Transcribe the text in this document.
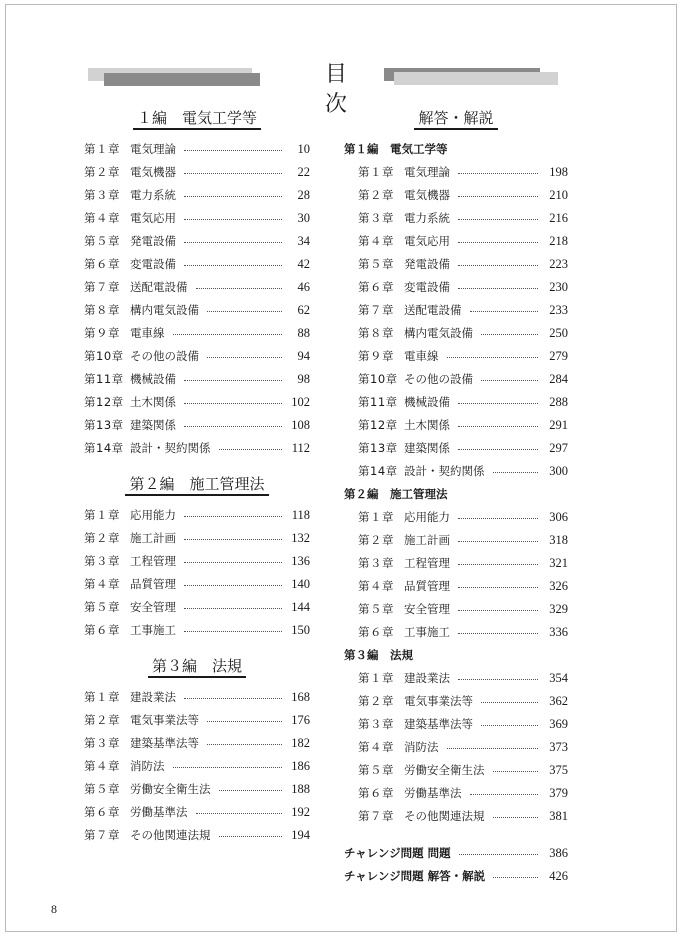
目 次
１編　電気工学等
第１章 電気理論	10
第２章 電気機器	22
第３章 電力系統	28
第４章 電気応用	30
第５章 発電設備	34
第６章 変電設備	42
第７章 送配電設備	46
第８章 構内電気設備	62
第９章 電車線	88
第10章 その他の設備	94
第11章 機械設備	98
第12章 土木関係	102
第13章 建築関係	108
第14章 設計・契約関係	112
第２編　施工管理法
第１章 応用能力	118
第２章 施工計画	132
第３章 工程管理	136
第４章 品質管理	140
第５章 安全管理	144
第６章 工事施工	150
第３編　法規
第１章 建設業法	168
第２章 電気事業法等	176
第３章 建築基準法等	182
第４章 消防法	186
第５章 労働安全衛生法	188
第６章 労働基準法	192
第７章 その他関連法規	194
解答・解説
第１編　電気工学等
第１章 電気理論	198
第２章 電気機器	210
第３章 電力系統	216
第４章 電気応用	218
第５章 発電設備	223
第６章 変電設備	230
第７章 送配電設備	233
第８章 構内電気設備	250
第９章 電車線	279
第10章 その他の設備	284
第11章 機械設備	288
第12章 土木関係	291
第13章 建築関係	297
第14章 設計・契約関係	300
第２編　施工管理法
第１章 応用能力	306
第２章 施工計画	318
第３章 工程管理	321
第４章 品質管理	326
第５章 安全管理	329
第６章 工事施工	336
第３編　法規
第１章 建設業法	354
第２章 電気事業法等	362
第３章 建築基準法等	369
第４章 消防法	373
第５章 労働安全衛生法	375
第６章 労働基準法	379
第７章 その他関連法規	381
チャレンジ問題 問題	386
チャレンジ問題 解答・解説	426
8
